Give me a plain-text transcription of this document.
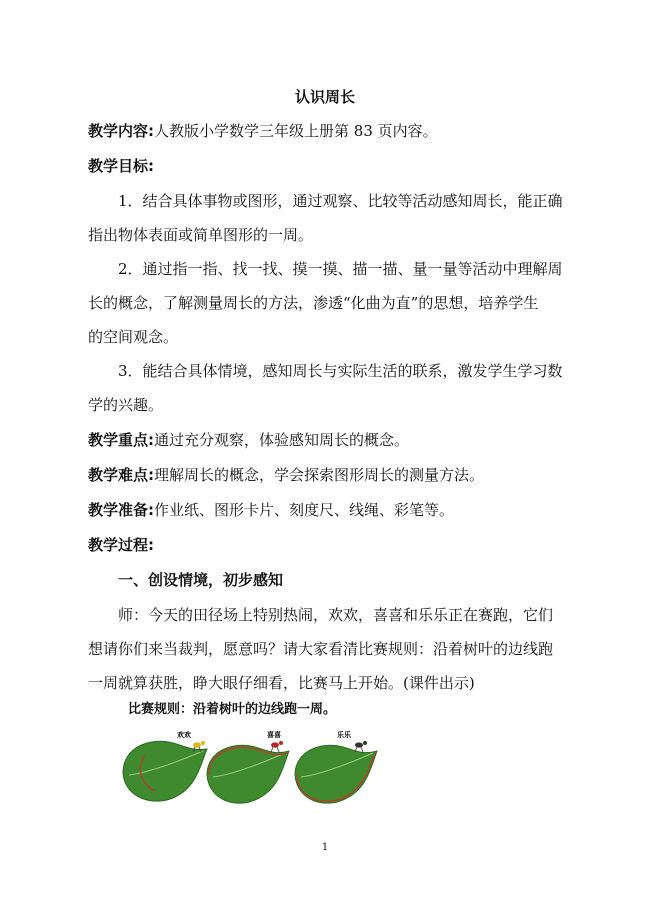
认识周长
教学内容:人教版小学数学三年级上册第 83 页内容。
教学目标:
1．结合具体事物或图形，通过观察、比较等活动感知周长，能正确
指出物体表面或简单图形的一周。
2．通过指一指、找一找、摸一摸、描一描、量一量等活动中理解周
长的概念，了解测量周长的方法，渗透“化曲为直”的思想，培养学生
的空间观念。
3．能结合具体情境，感知周长与实际生活的联系，激发学生学习数
学的兴趣。
教学重点:通过充分观察，体验感知周长的概念。
教学难点:理解周长的概念，学会探索图形周长的测量方法。
教学准备:作业纸、图形卡片、刻度尺、线绳、彩笔等。
教学过程:
一、创设情境，初步感知
师：今天的田径场上特别热闹，欢欢，喜喜和乐乐正在赛跑，它们
想请你们来当裁判，愿意吗？请大家看清比赛规则：沿着树叶的边线跑
一周就算获胜，睁大眼仔细看，比赛马上开始。(课件出示)
比赛规则：沿着树叶的边线跑一周。
欢欢	喜喜	乐乐
1
